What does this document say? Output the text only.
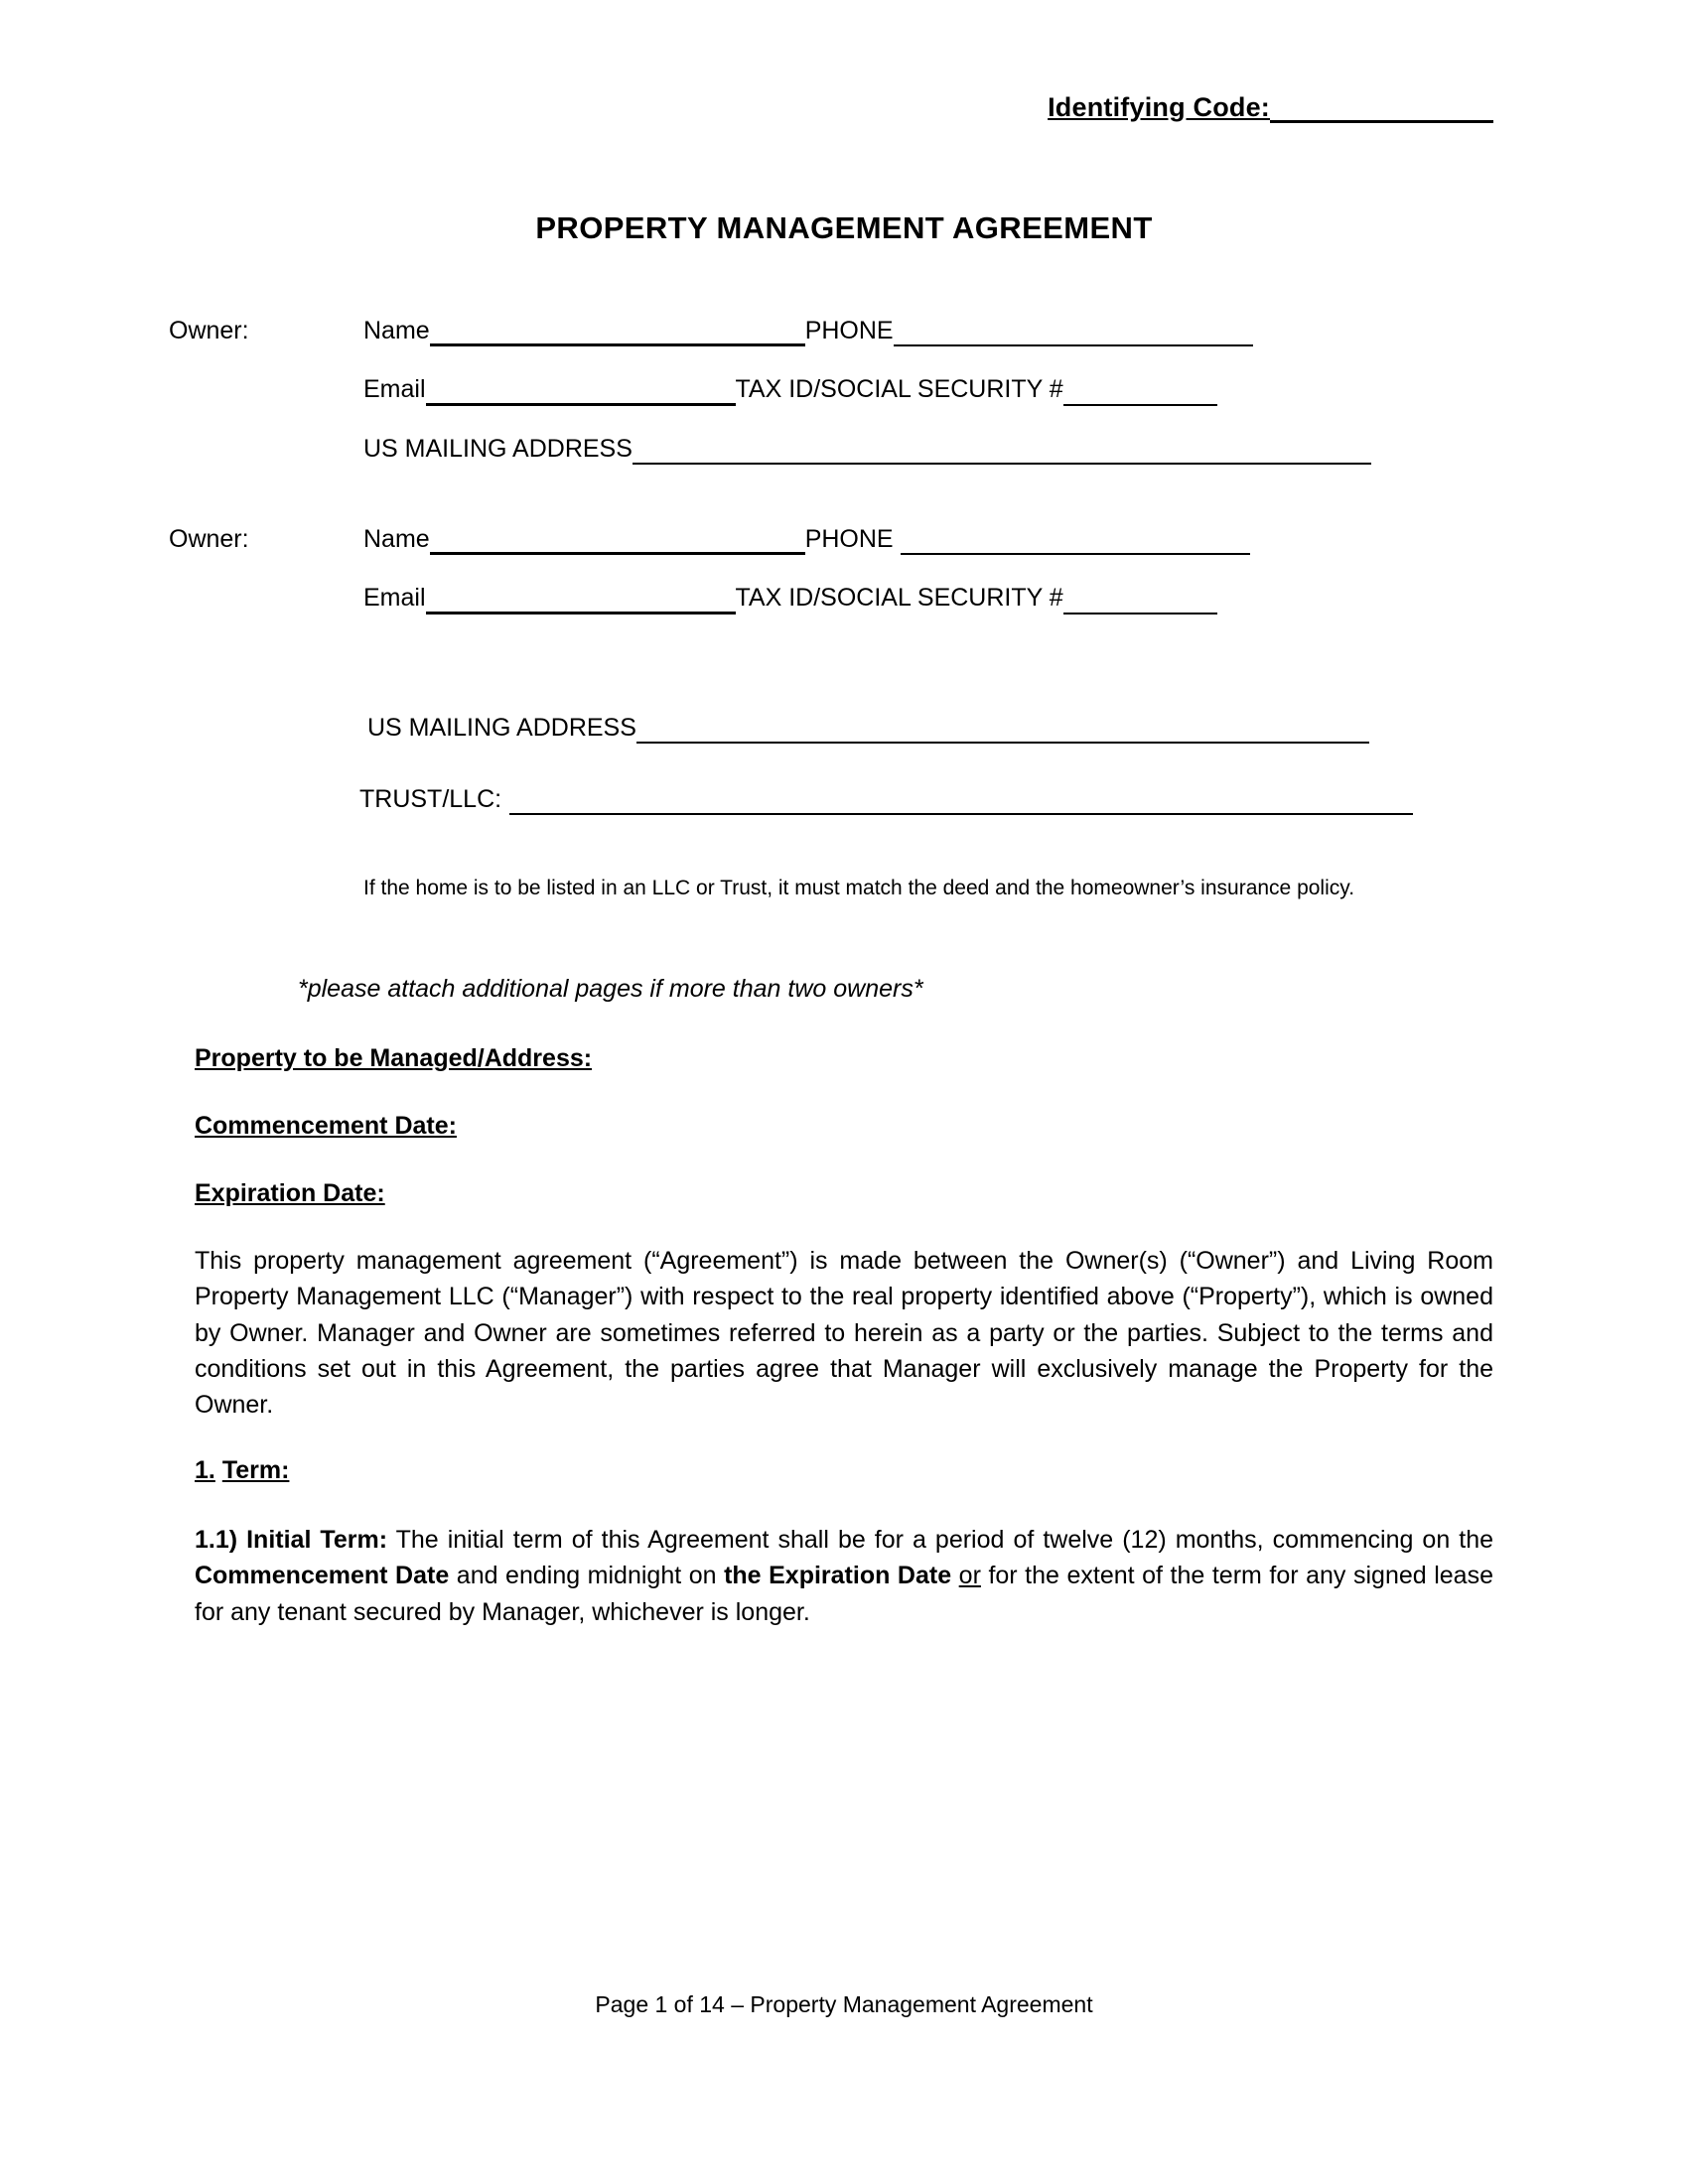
Identifying Code:
PROPERTY MANAGEMENT AGREEMENT
Owner:	Name	PHONE
Email	TAX ID/SOCIAL SECURITY #
US MAILING ADDRESS
Owner:	Name	PHONE
Email	TAX ID/SOCIAL SECURITY #
US MAILING ADDRESS
TRUST/LLC:
If the home is to be listed in an LLC or Trust, it must match the deed and the homeowner’s insurance policy.
*please attach additional pages if more than two owners*
Property to be Managed/Address:
Commencement Date:
Expiration Date:
This property management agreement (“Agreement”) is made between the Owner(s) (“Owner”) and Living Room Property Management LLC (“Manager”) with respect to the real property identified above (“Property”), which is owned by Owner. Manager and Owner are sometimes referred to herein as a party or the parties. Subject to the terms and conditions set out in this Agreement, the parties agree that Manager will exclusively manage the Property for the Owner.
1. Term:
1.1) Initial Term: The initial term of this Agreement shall be for a period of twelve (12) months, commencing on the Commencement Date and ending midnight on the Expiration Date or for the extent of the term for any signed lease for any tenant secured by Manager, whichever is longer.
Page 1 of 14 – Property Management Agreement
